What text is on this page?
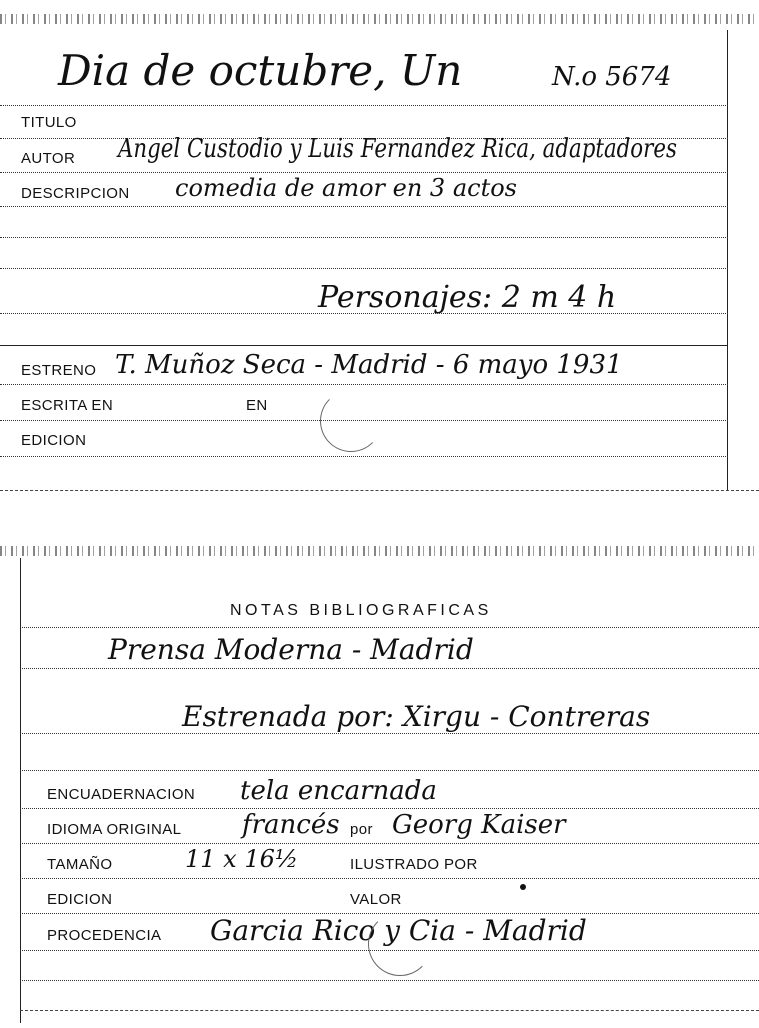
Dia de octubre, Un	N.o 5674
TITULO
AUTOR Angel Custodio y Luis Fernandez Rica, adaptadores
DESCRIPCION comedia de amor en 3 actos
Personajes: 2 m 4 h
ESTRENO T. Muñoz Seca - Madrid - 6 mayo 1931
ESCRITA EN	EN
EDICION
NOTAS BIBLIOGRAFICAS
Prensa Moderna - Madrid
Estrenada por: Xirgu - Contreras
ENCUADERNACION tela encarnada
IDIOMA ORIGINAL francés por Georg Kaiser
TAMAÑO	11 x 16½	ILUSTRADO POR
EDICION	VALOR
PROCEDENCIA Garcia Rico y Cia - Madrid
